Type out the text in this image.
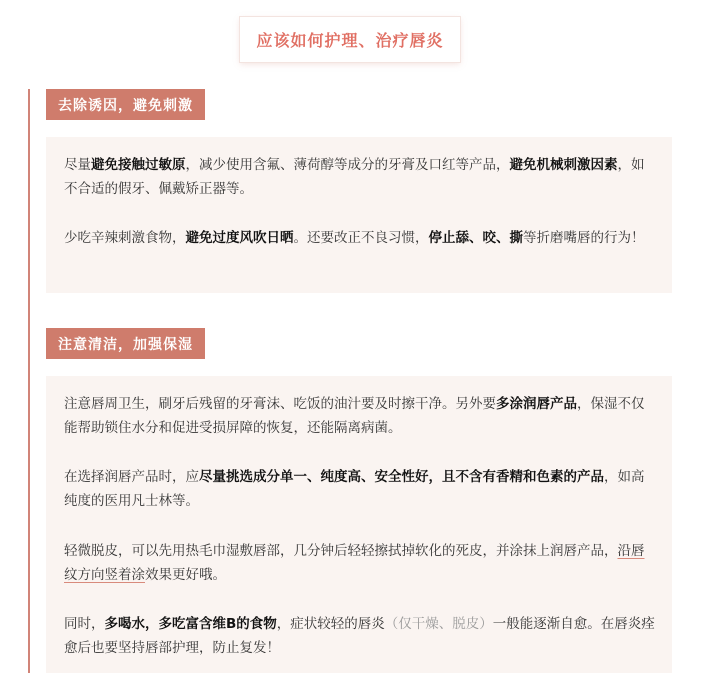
应该如何护理、治疗唇炎
去除诱因，避免刺激

尽量避免接触过敏原，减少使用含氟、薄荷醇等成分的牙膏及口红等产品，避免机械刺激因素，如不合适的假牙、佩戴矫正器等。

少吃辛辣刺激食物，避免过度风吹日晒。还要改正不良习惯，停止舔、咬、撕等折磨嘴唇的行为！

注意清洁，加强保湿

注意唇周卫生，刷牙后残留的牙膏沫、吃饭的油汁要及时擦干净。另外要多涂润唇产品，保湿不仅能帮助锁住水分和促进受损屏障的恢复，还能隔离病菌。

在选择润唇产品时，应尽量挑选成分单一、纯度高、安全性好，且不含有香精和色素的产品，如高纯度的医用凡士林等。

轻微脱皮，可以先用热毛巾湿敷唇部，几分钟后轻轻擦拭掉软化的死皮，并涂抹上润唇产品，沿唇纹方向竖着涂效果更好哦。

同时，多喝水，多吃富含维B的食物，症状较轻的唇炎（仅干燥、脱皮）一般能逐渐自愈。在唇炎痊愈后也要坚持唇部护理，防止复发！
